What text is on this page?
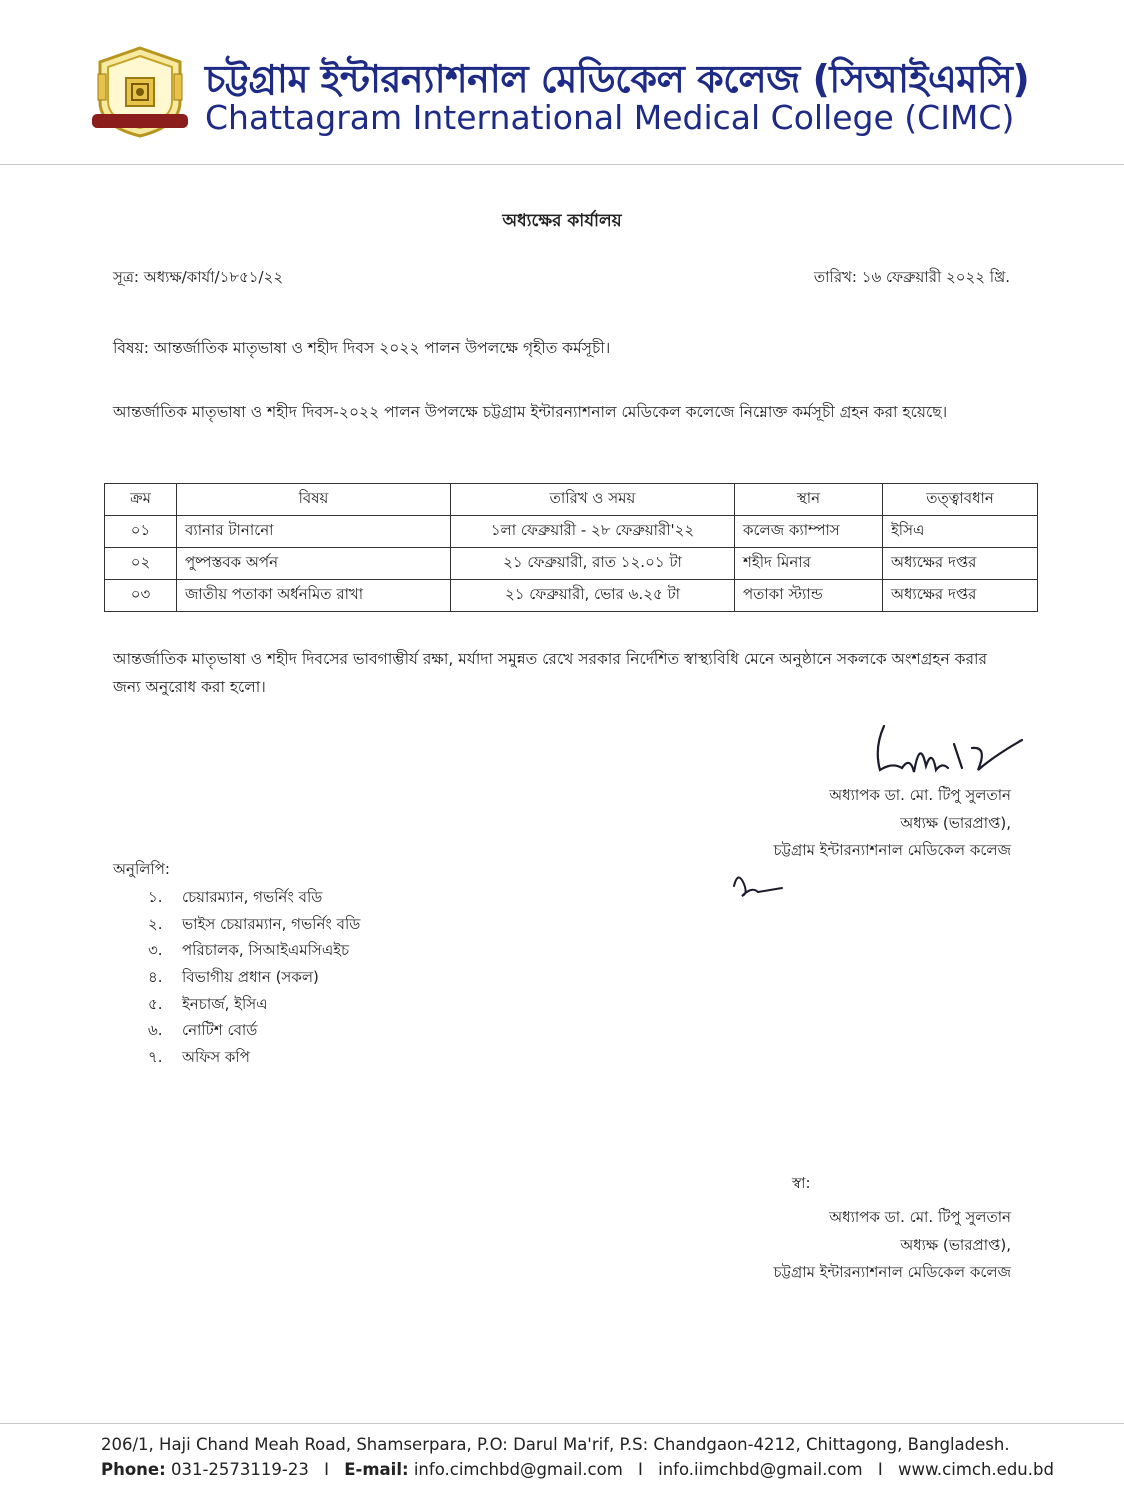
চট্টগ্রাম ইন্টারন্যাশনাল মেডিকেল কলেজ (সিআইএমসি)
Chattagram International Medical College (CIMC)
অধ্যক্ষের কার্যালয়
সূত্র: অধ্যক্ষ/কার্যা/১৮৫১/২২	তারিখ: ১৬ ফেব্রুয়ারী ২০২২ খ্রি.
বিষয়: আন্তর্জাতিক মাতৃভাষা ও শহীদ দিবস ২০২২ পালন উপলক্ষে গৃহীত কর্মসূচী।
আন্তর্জাতিক মাতৃভাষা ও শহীদ দিবস-২০২২ পালন উপলক্ষে চট্টগ্রাম ইন্টারন্যাশনাল মেডিকেল কলেজে নিম্নোক্ত কর্মসূচী গ্রহন করা হয়েছে।
ক্রম	বিষয়	তারিখ ও সময়	স্থান	তত্ত্বাবধান
০১	ব্যানার টানানো	১লা ফেব্রুয়ারী - ২৮ ফেব্রুয়ারী'২২	কলেজ ক্যাম্পাস	ইসিএ
০২	পুষ্পস্তবক অর্পন	২১ ফেব্রুয়ারী, রাত ১২.০১ টা	শহীদ মিনার	অধ্যক্ষের দপ্তর
০৩	জাতীয় পতাকা অর্ধনমিত রাখা	২১ ফেব্রুয়ারী, ভোর ৬.২৫ টা	পতাকা স্ট্যান্ড	অধ্যক্ষের দপ্তর
আন্তর্জাতিক মাতৃভাষা ও শহীদ দিবসের ভাবগাম্ভীর্য রক্ষা, মর্যাদা সমুন্নত রেখে সরকার নির্দেশিত স্বাস্থ্যবিধি মেনে অনুষ্ঠানে সকলকে অংশগ্রহন করার জন্য অনুরোধ করা হলো।
অধ্যাপক ডা. মো. টিপু সুলতান
অধ্যক্ষ (ভারপ্রাপ্ত),
চট্টগ্রাম ইন্টারন্যাশনাল মেডিকেল কলেজ
অনুলিপি:
১. চেয়ারম্যান, গভর্নিং বডি
২. ভাইস চেয়ারম্যান, গভর্নিং বডি
৩. পরিচালক, সিআইএমসিএইচ
৪. বিভাগীয় প্রধান (সকল)
৫. ইনচার্জ, ইসিএ
৬. নোটিশ বোর্ড
৭. অফিস কপি
স্বা:
অধ্যাপক ডা. মো. টিপু সুলতান
অধ্যক্ষ (ভারপ্রাপ্ত),
চট্টগ্রাম ইন্টারন্যাশনাল মেডিকেল কলেজ
206/1, Haji Chand Meah Road, Shamserpara, P.O: Darul Ma'rif, P.S: Chandgaon-4212, Chittagong, Bangladesh.
Phone: 031-2573119-23 I E-mail: info.cimchbd@gmail.com I info.iimchbd@gmail.com I www.cimch.edu.bd
